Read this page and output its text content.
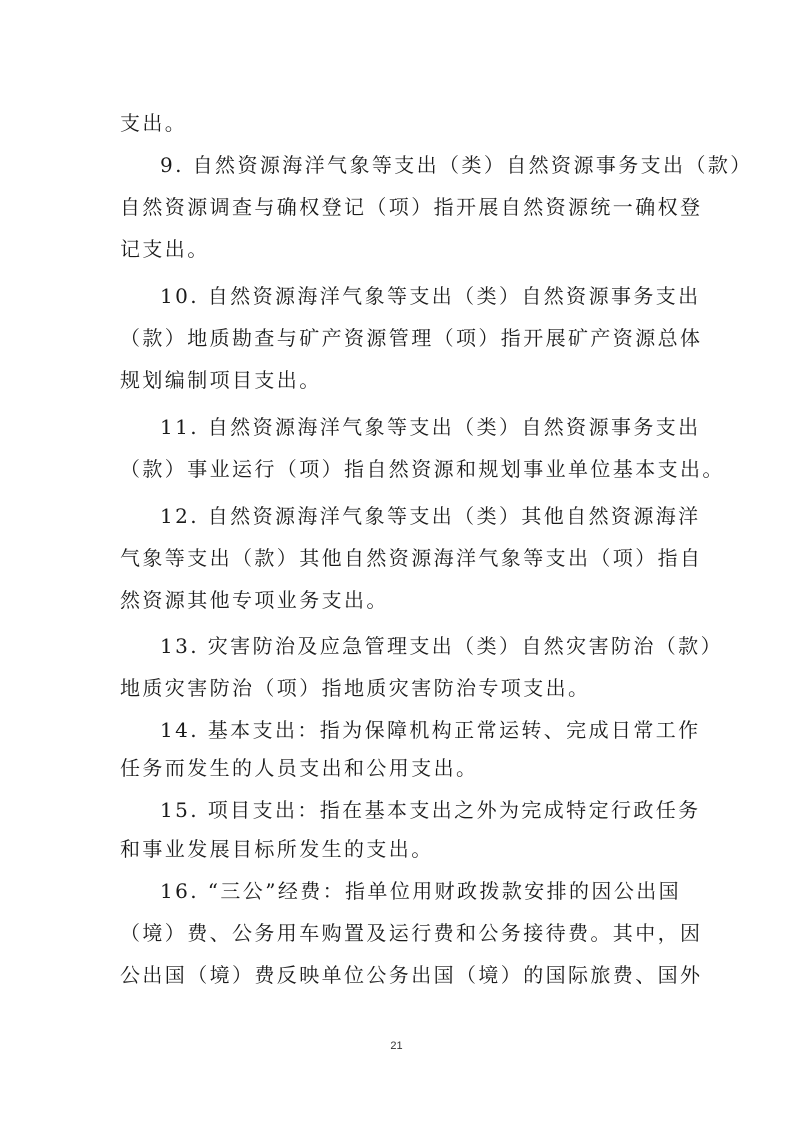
支出。
9. 自然资源海洋气象等支出（类）自然资源事务支出（款）
自然资源调查与确权登记（项）指开展自然资源统一确权登
记支出。
10. 自然资源海洋气象等支出（类）自然资源事务支出
（款）地质勘查与矿产资源管理（项）指开展矿产资源总体
规划编制项目支出。
11. 自然资源海洋气象等支出（类）自然资源事务支出
（款）事业运行（项）指自然资源和规划事业单位基本支出。
12. 自然资源海洋气象等支出（类）其他自然资源海洋
气象等支出（款）其他自然资源海洋气象等支出（项）指自
然资源其他专项业务支出。
13. 灾害防治及应急管理支出（类）自然灾害防治（款）
地质灾害防治（项）指地质灾害防治专项支出。
14. 基本支出：指为保障机构正常运转、完成日常工作
任务而发生的人员支出和公用支出。
15. 项目支出：指在基本支出之外为完成特定行政任务
和事业发展目标所发生的支出。
16. “三公”经费：指单位用财政拨款安排的因公出国
（境）费、公务用车购置及运行费和公务接待费。其中，因
公出国（境）费反映单位公务出国（境）的国际旅费、国外
21
